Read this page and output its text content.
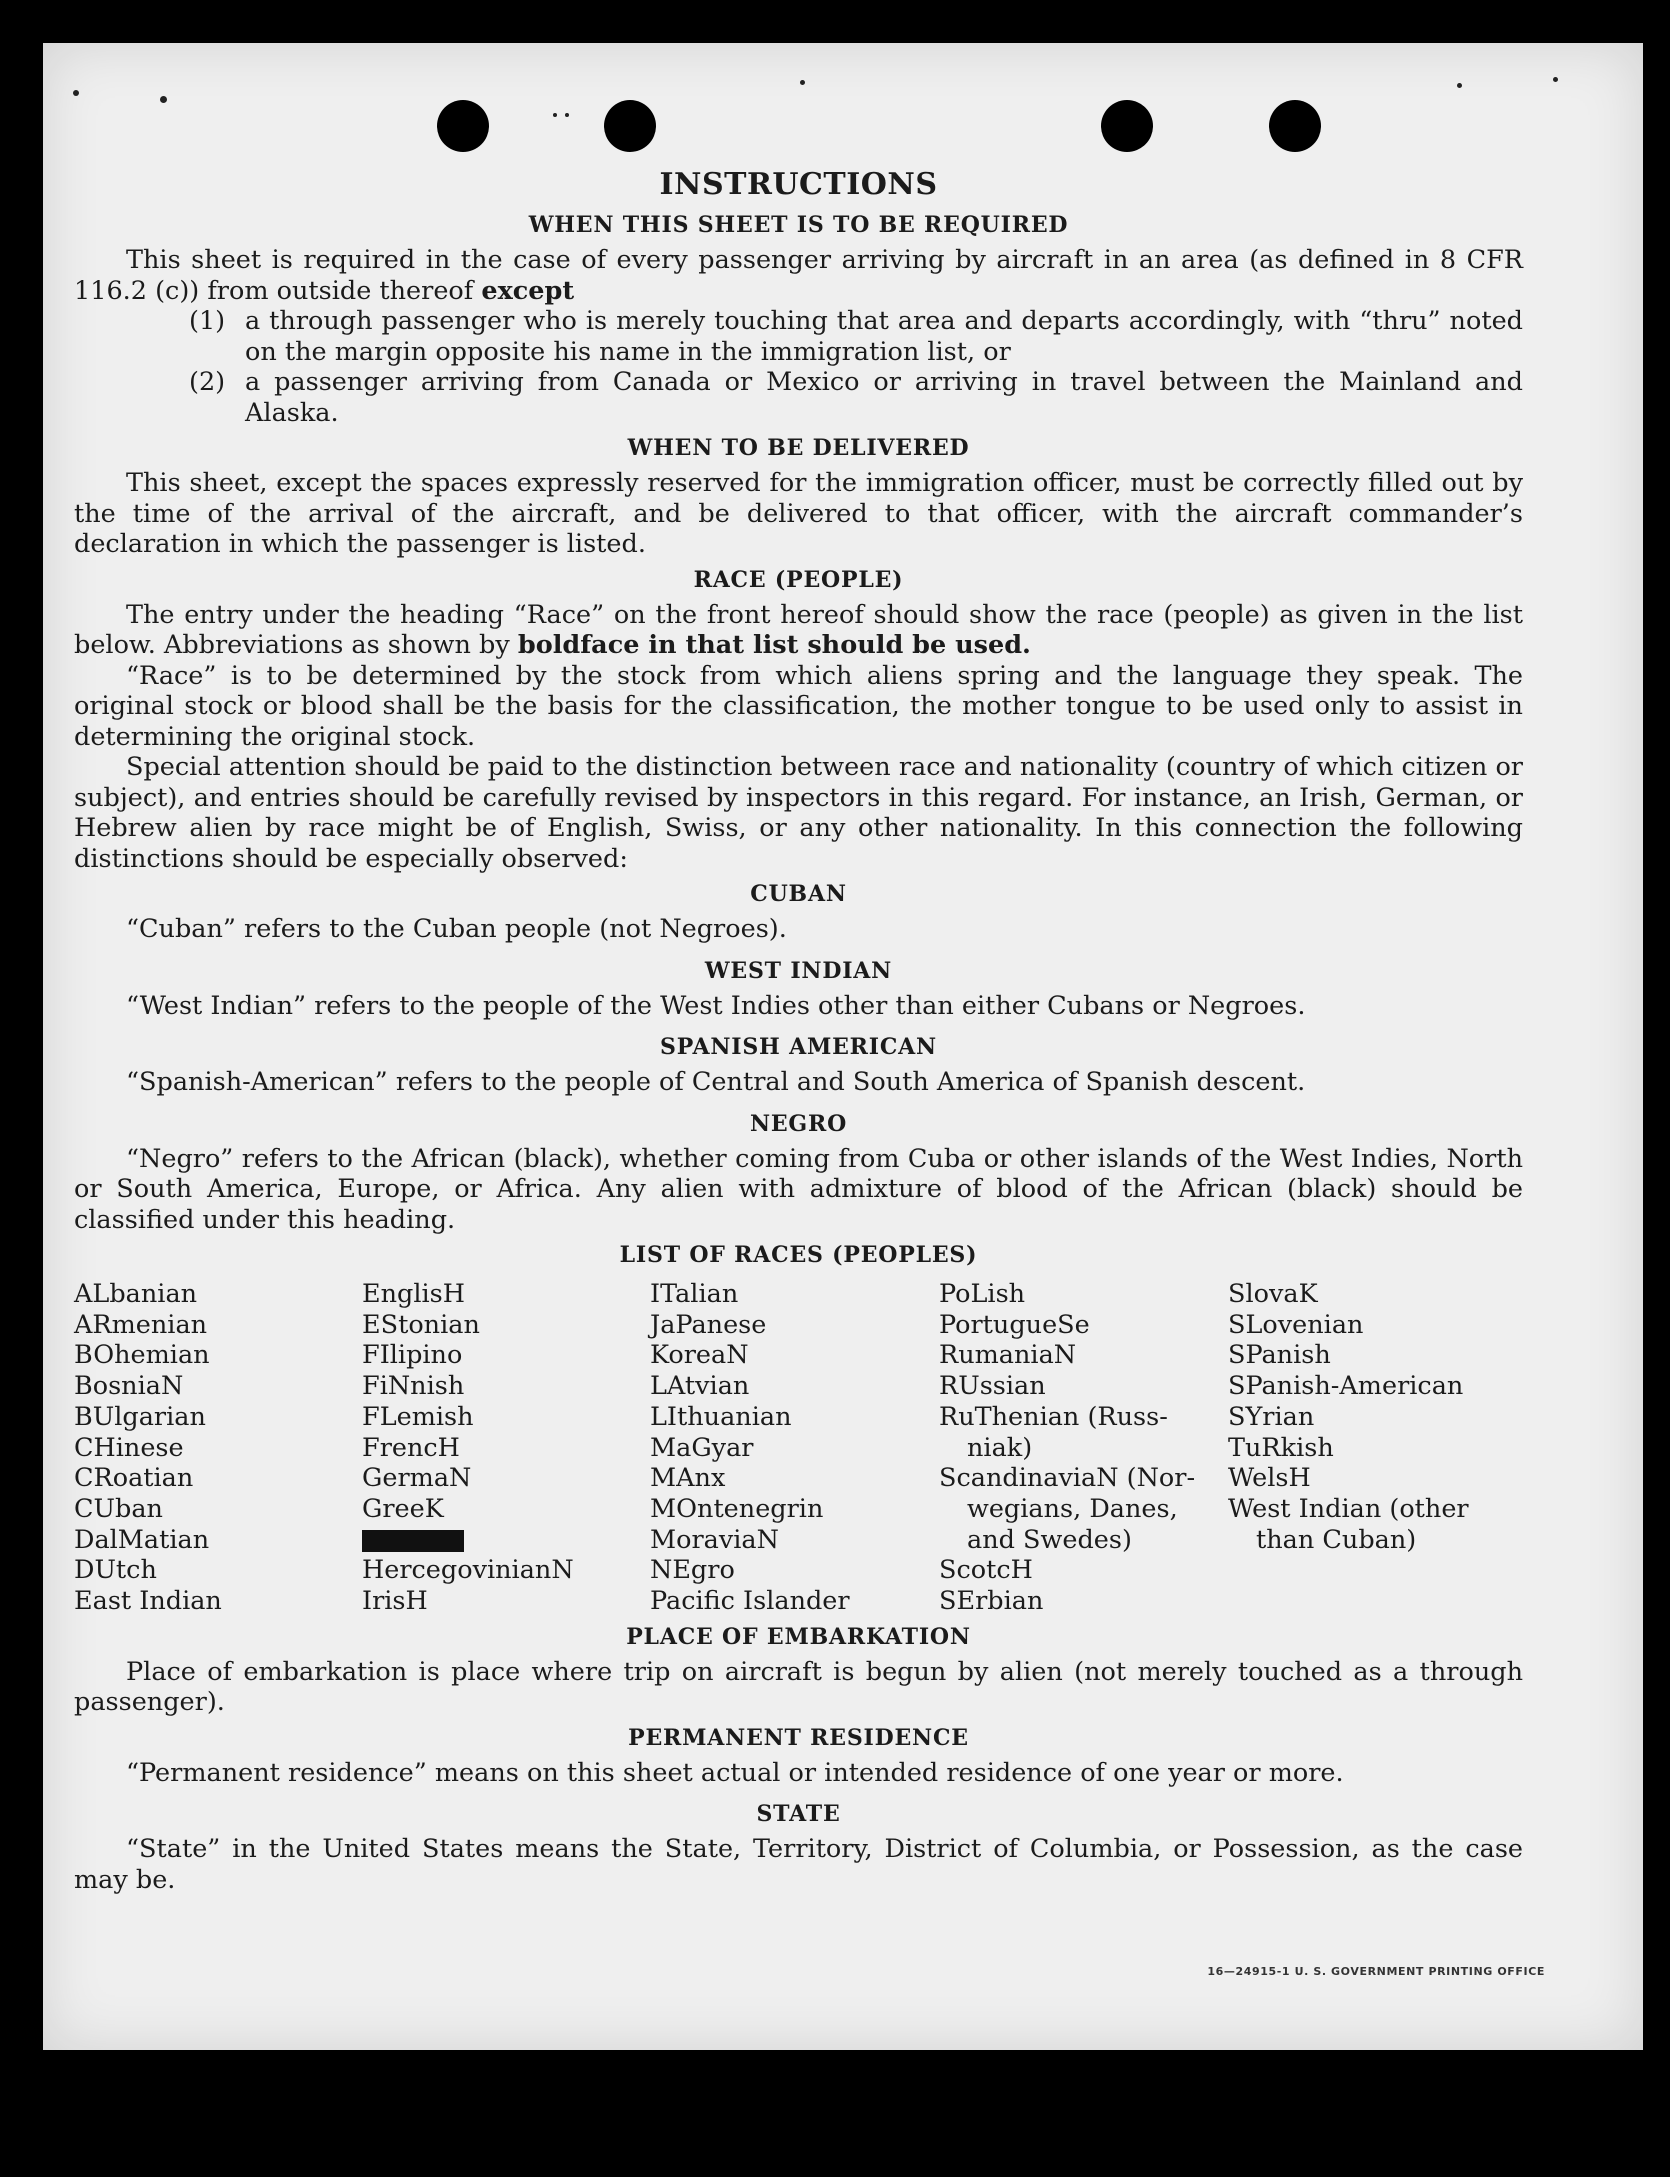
INSTRUCTIONS
WHEN THIS SHEET IS TO BE REQUIRED

This sheet is required in the case of every passenger arriving by aircraft in an area (as defined in 8 CFR 116.2 (c)) from outside thereof except

(1) a through passenger who is merely touching that area and departs accordingly, with “thru” noted on the margin opposite his name in the immigration list, or
(2) a passenger arriving from Canada or Mexico or arriving in travel between the Mainland and Alaska.
WHEN TO BE DELIVERED

This sheet, except the spaces expressly reserved for the immigration officer, must be correctly filled out by the time of the arrival of the aircraft, and be delivered to that officer, with the aircraft commander’s declaration in which the passenger is listed.

RACE (PEOPLE)

The entry under the heading “Race” on the front hereof should show the race (people) as given in the list below. Abbreviations as shown by boldface in that list should be used.

“Race” is to be determined by the stock from which aliens spring and the language they speak. The original stock or blood shall be the basis for the classification, the mother tongue to be used only to assist in determining the original stock.

Special attention should be paid to the distinction between race and nationality (country of which citizen or subject), and entries should be carefully revised by inspectors in this regard. For instance, an Irish, German, or Hebrew alien by race might be of English, Swiss, or any other nationality. In this connection the following distinctions should be especially observed:

CUBAN

“Cuban” refers to the Cuban people (not Negroes).

WEST INDIAN

“West Indian” refers to the people of the West Indies other than either Cubans or Negroes.

SPANISH AMERICAN

“Spanish-American” refers to the people of Central and South America of Spanish descent.

NEGRO

“Negro” refers to the African (black), whether coming from Cuba or other islands of the West Indies, North or South America, Europe, or Africa. Any alien with admixture of blood of the African (black) should be classified under this heading.

LIST OF RACES (PEOPLES)
ALbanian
ARmenian
BOhemian
BosniaN
BUlgarian
CHinese
CRoatian
CUban
DalMatian
DUtch
East Indian
EnglisH
EStonian
FIlipino
FiNnish
FLemish
FrencH
GermaN
GreeK
HercegovinianN
IrisH
ITalian
JaPanese
KoreaN
LAtvian
LIthuanian
MaGyar
MAnx
MOntenegrin
MoraviaN
NEgro
Pacific Islander
PoLish
PortugueSe
RumaniaN
RUssian
RuThenian (Russ-
niak)
ScandinaviaN (Nor-
wegians, Danes,
and Swedes)
ScotcH
SErbian
SlovaK
SLovenian
SPanish
SPanish-American
SYrian
TuRkish
WelsH
West Indian (other
than Cuban)
PLACE OF EMBARKATION

Place of embarkation is place where trip on aircraft is begun by alien (not merely touched as a through passenger).

PERMANENT RESIDENCE

“Permanent residence” means on this sheet actual or intended residence of one year or more.

STATE

“State” in the United States means the State, Territory, District of Columbia, or Possession, as the case may be.

16—24915-1 U. S. GOVERNMENT PRINTING OFFICE
